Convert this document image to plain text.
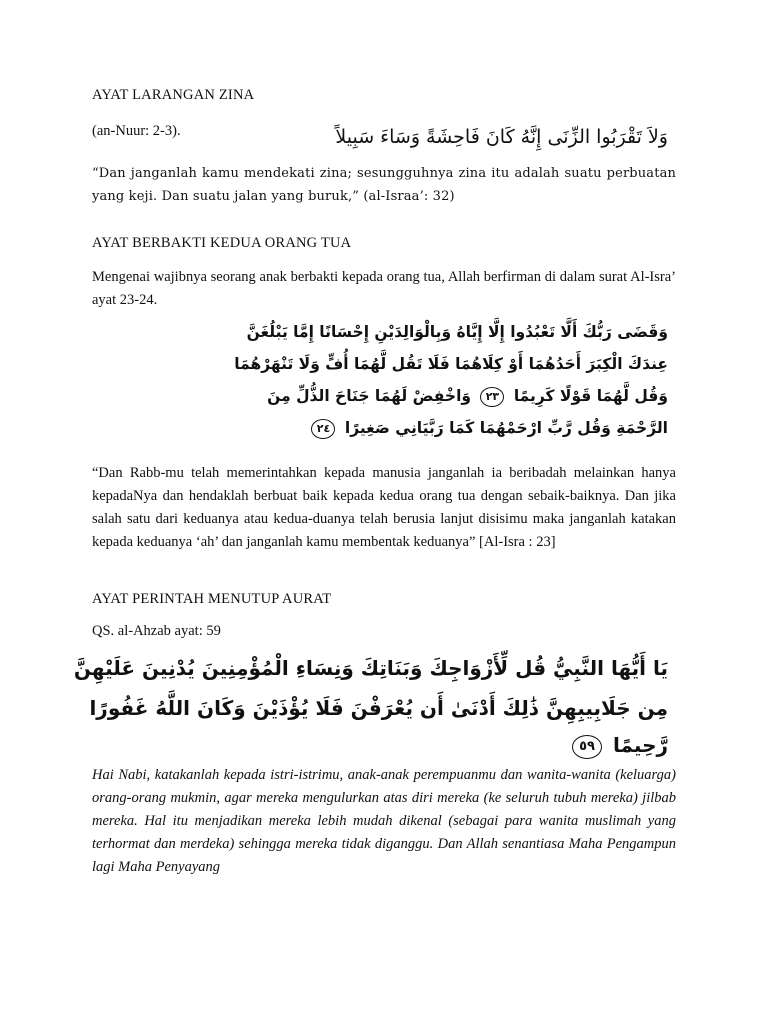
AYAT LARANGAN ZINA
(an-Nuur: 2-3).	وَلاَ تَقْرَبُوا الزِّنَى إِنَّهُ كَانَ فَاحِشَةً وَسَاءَ سَبِيلاً
“Dan janganlah kamu mendekati zina; sesungguhnya zina itu adalah suatu perbuatan yang keji. Dan suatu jalan yang buruk,” (al-Israa’: 32)
AYAT BERBAKTI KEDUA ORANG TUA
Mengenai wajibnya seorang anak berbakti kepada orang tua, Allah berfirman di dalam surat Al-Isra’ ayat 23-24.
وَقَضَى رَبُّكَ أَلَّا تَعْبُدُوا إِلَّا إِيَّاهُ وَبِالْوَالِدَيْنِ إِحْسَانًا إِمَّا يَبْلُغَنَّ
عِندَكَ الْكِبَرَ أَحَدُهُمَا أَوْ كِلَاهُمَا فَلَا تَقُل لَّهُمَا أُفٍّ وَلَا تَنْهَرْهُمَا
وَقُل لَّهُمَا قَوْلًا كَرِيمًا ٢٣ وَاخْفِضْ لَهُمَا جَنَاحَ الذُّلِّ مِنَ
الرَّحْمَةِ وَقُل رَّبِّ ارْحَمْهُمَا كَمَا رَبَّيَانِي صَغِيرًا ٢٤
“Dan Rabb-mu telah memerintahkan kepada manusia janganlah ia beribadah melainkan hanya kepadaNya dan hendaklah berbuat baik kepada kedua orang tua dengan sebaik-baiknya. Dan jika salah satu dari keduanya atau kedua-duanya telah berusia lanjut disisimu maka janganlah katakan kepada keduanya ‘ah’ dan janganlah kamu membentak keduanya” [Al-Isra : 23]
AYAT PERINTAH MENUTUP AURAT
QS. al-Ahzab ayat: 59
يَا أَيُّهَا النَّبِيُّ قُل لِّأَزْوَاجِكَ وَبَنَاتِكَ وَنِسَاءِ الْمُؤْمِنِينَ يُدْنِينَ عَلَيْهِنَّ
مِن جَلَابِيبِهِنَّ ذَٰلِكَ أَدْنَىٰ أَن يُعْرَفْنَ فَلَا يُؤْذَيْنَ وَكَانَ اللَّهُ غَفُورًا
رَّحِيمًا ٥٩
Hai Nabi, katakanlah kepada istri-istrimu, anak-anak perempuanmu dan wanita-wanita (keluarga) orang-orang mukmin, agar mereka mengulurkan atas diri mereka (ke seluruh tubuh mereka) jilbab mereka. Hal itu menjadikan mereka lebih mudah dikenal (sebagai para wanita muslimah yang terhormat dan merdeka) sehingga mereka tidak diganggu. Dan Allah senantiasa Maha Pengampun lagi Maha Penyayang
